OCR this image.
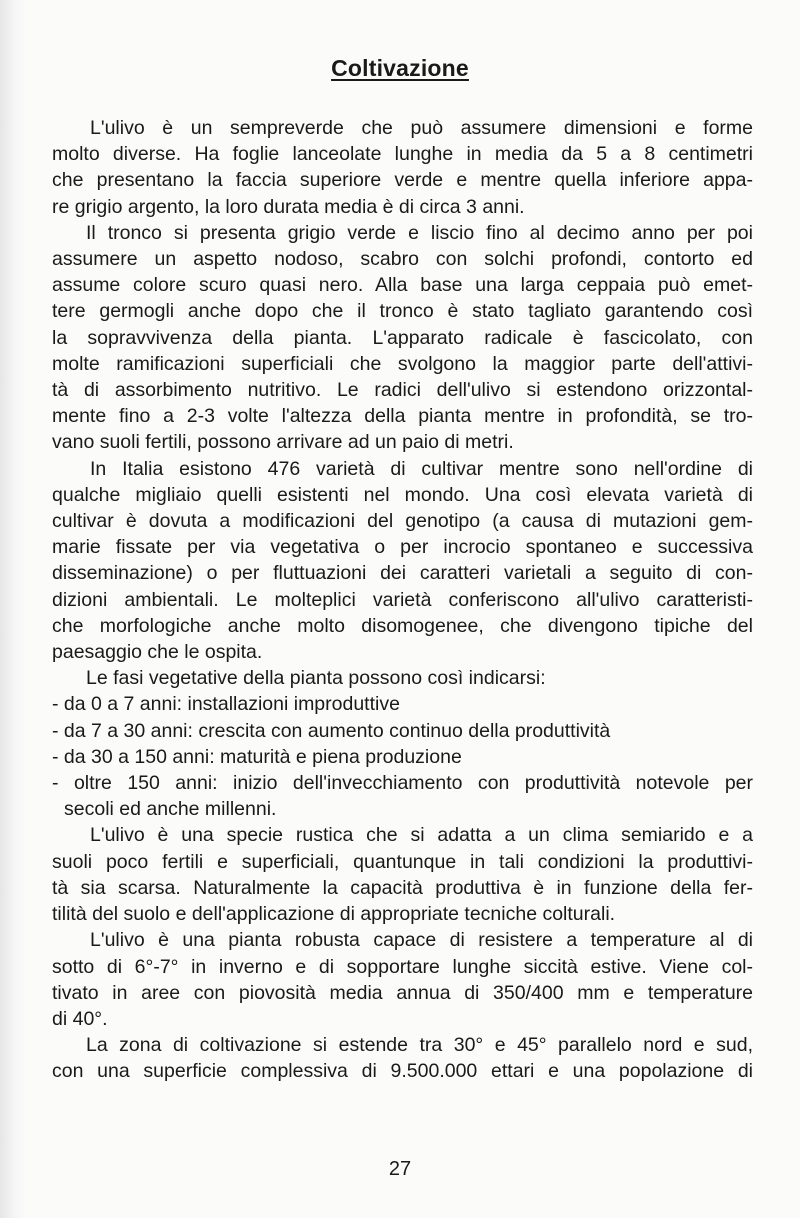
Coltivazione
L'ulivo è un sempreverde che può assumere dimensioni e forme
molto diverse. Ha foglie lanceolate lunghe in media da 5 a 8 centimetri
che presentano la faccia superiore verde e mentre quella inferiore appa-
re grigio argento, la loro durata media è di circa 3 anni.
Il tronco si presenta grigio verde e liscio fino al decimo anno per poi
assumere un aspetto nodoso, scabro con solchi profondi, contorto ed
assume colore scuro quasi nero. Alla base una larga ceppaia può emet-
tere germogli anche dopo che il tronco è stato tagliato garantendo così
la sopravvivenza della pianta. L'apparato radicale è fascicolato, con
molte ramificazioni superficiali che svolgono la maggior parte dell'attivi-
tà di assorbimento nutritivo. Le radici dell'ulivo si estendono orizzontal-
mente fino a 2-3 volte l'altezza della pianta mentre in profondità, se tro-
vano suoli fertili, possono arrivare ad un paio di metri.
In Italia esistono 476 varietà di cultivar mentre sono nell'ordine di
qualche migliaio quelli esistenti nel mondo. Una così elevata varietà di
cultivar è dovuta a modificazioni del genotipo (a causa di mutazioni gem-
marie fissate per via vegetativa o per incrocio spontaneo e successiva
disseminazione) o per fluttuazioni dei caratteri varietali a seguito di con-
dizioni ambientali. Le molteplici varietà conferiscono all'ulivo caratteristi-
che morfologiche anche molto disomogenee, che divengono tipiche del
paesaggio che le ospita.
Le fasi vegetative della pianta possono così indicarsi:
- da 0 a 7 anni: installazioni improduttive
- da 7 a 30 anni: crescita con aumento continuo della produttività
- da 30 a 150 anni: maturità e piena produzione
- oltre 150 anni: inizio dell'invecchiamento con produttività notevole per
secoli ed anche millenni.
L'ulivo è una specie rustica che si adatta a un clima semiarido e a
suoli poco fertili e superficiali, quantunque in tali condizioni la produttivi-
tà sia scarsa. Naturalmente la capacità produttiva è in funzione della fer-
tilità del suolo e dell'applicazione di appropriate tecniche colturali.
L'ulivo è una pianta robusta capace di resistere a temperature al di
sotto di 6°-7° in inverno e di sopportare lunghe siccità estive. Viene col-
tivato in aree con piovosità media annua di 350/400 mm e temperature
di 40°.
La zona di coltivazione si estende tra 30° e 45° parallelo nord e sud,
con una superficie complessiva di 9.500.000 ettari e una popolazione di
27
